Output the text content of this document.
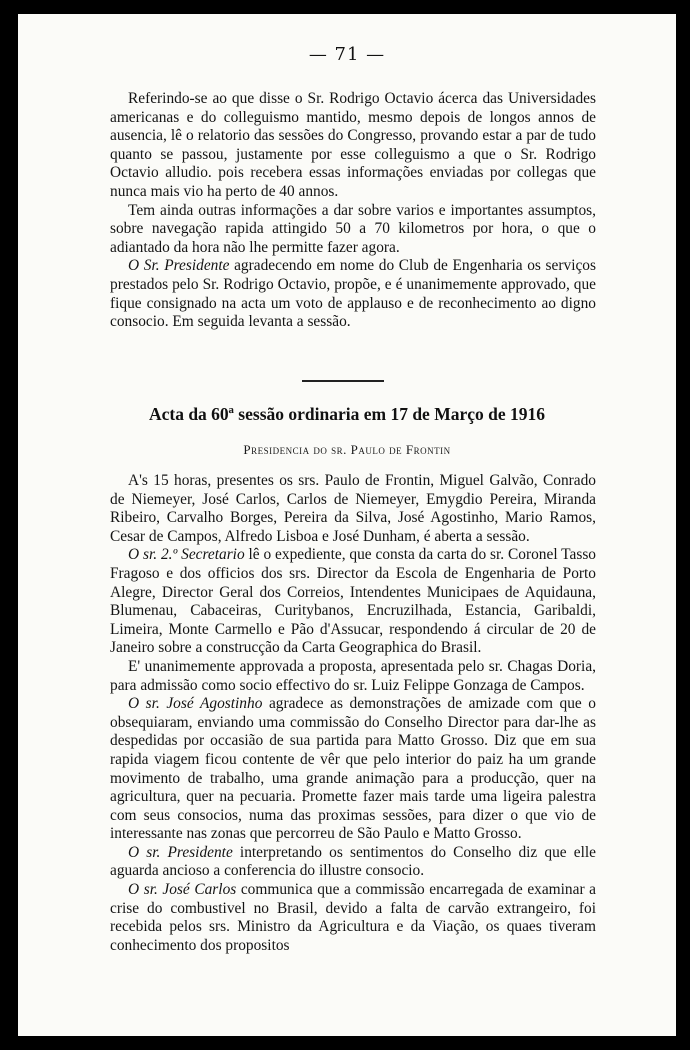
— 71 —

Referindo-se ao que disse o Sr. Rodrigo Octavio ácerca das Universidades americanas e do colleguismo mantido, mesmo depois de longos annos de ausencia, lê o relatorio das sessões do Congresso, provando estar a par de tudo quanto se passou, justamente por esse colleguismo a que o Sr. Rodrigo Octavio alludio. pois recebera essas informações enviadas por collegas que nunca mais vio ha perto de 40 annos.

Tem ainda outras informações a dar sobre varios e importantes assumptos, sobre navegação rapida attingido 50 a 70 kilometros por hora, o que o adiantado da hora não lhe permitte fazer agora.

O Sr. Presidente agradecendo em nome do Club de Engenharia os serviços prestados pelo Sr. Rodrigo Octavio, propõe, e é unanimemente approvado, que fique consignado na acta um voto de applauso e de reconhecimento ao digno consocio. Em seguida levanta a sessão.

Acta da 60ª sessão ordinaria em 17 de Março de 1916
Presidencia do sr. Paulo de Frontin

A's 15 horas, presentes os srs. Paulo de Frontin, Miguel Galvão, Conrado de Niemeyer, José Carlos, Carlos de Niemeyer, Emygdio Pereira, Miranda Ribeiro, Carvalho Borges, Pereira da Silva, José Agostinho, Mario Ramos, Cesar de Campos, Alfredo Lisboa e José Dunham, é aberta a sessão.

O sr. 2.º Secretario lê o expediente, que consta da carta do sr. Coronel Tasso Fragoso e dos officios dos srs. Director da Escola de Engenharia de Porto Alegre, Director Geral dos Correios, Intendentes Municipaes de Aquidauna, Blumenau, Cabaceiras, Curitybanos, Encruzilhada, Estancia, Garibaldi, Limeira, Monte Carmello e Pão d'Assucar, respondendo á circular de 20 de Janeiro sobre a construcção da Carta Geographica do Brasil.

E' unanimemente approvada a proposta, apresentada pelo sr. Chagas Doria, para admissão como socio effectivo do sr. Luiz Felippe Gonzaga de Campos.

O sr. José Agostinho agradece as demonstrações de amizade com que o obsequiaram, enviando uma commissão do Conselho Director para dar-lhe as despedidas por occasião de sua partida para Matto Grosso. Diz que em sua rapida viagem ficou contente de vêr que pelo interior do paiz ha um grande movimento de trabalho, uma grande animação para a producção, quer na agricultura, quer na pecuaria. Promette fazer mais tarde uma ligeira palestra com seus consocios, numa das proximas sessões, para dizer o que vio de interessante nas zonas que percorreu de São Paulo e Matto Grosso.

O sr. Presidente interpretando os sentimentos do Conselho diz que elle aguarda ancioso a conferencia do illustre consocio.

O sr. José Carlos communica que a commissão encarregada de examinar a crise do combustivel no Brasil, devido a falta de carvão extrangeiro, foi recebida pelos srs. Ministro da Agricultura e da Viação, os quaes tiveram conhecimento dos propositos
